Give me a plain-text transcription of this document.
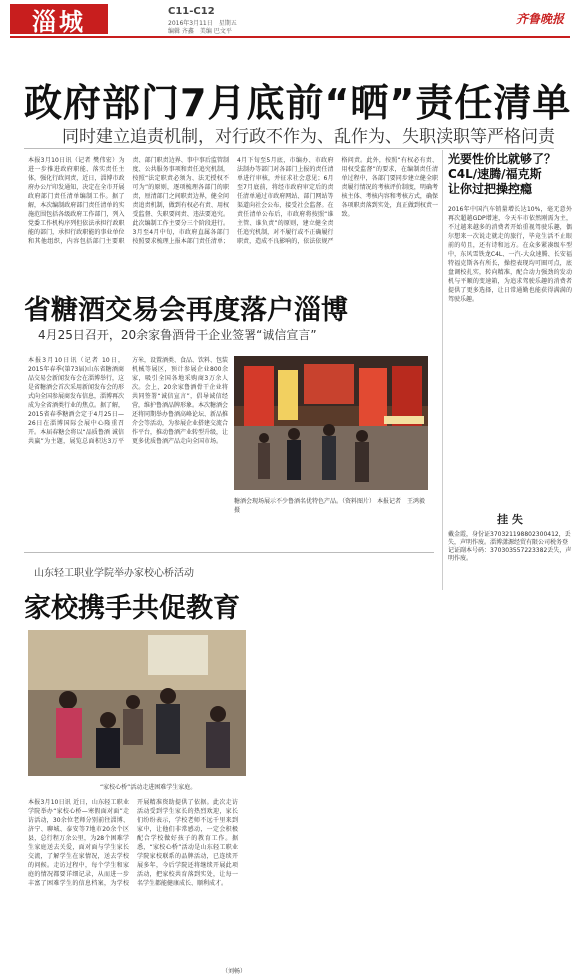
淄城	C11-C12
2016年3月11日　星期五
编辑 齐鑫　美编 巴文平
齐鲁晚报
政府部门7月底前“晒”责任清单
同时建立追责机制，对行政不作为、乱作为、失职渎职等严格问责
本报3月10日讯（记者 樊伟宏）为进一步推进政府职能、落实责任主体，强化行政问责，近日，淄博市政府办公厅印发通知，决定在全市开展政府部门责任清单编制工作。据了解，本次编制政府部门责任清单的实施范围包括各级政府工作部门，列入党委工作机构序列但依法承担行政职能的部门，承担行政职能的事业单位和其他组织，内容包括部门主要职责、部门职责边界、事中事后监管制度、公共服务事项和责任追究机制，按照“法定职责必须为、法无授权不可为”的原则，逐项梳理各部门的职责，厘清部门之间职责边界，健全问责追责机制，做到有权必有责、用权受监督、失职要问责、违法要追究。此次编制工作主要分三个阶段进行。3月至4月中旬，市政府直属各部门按照要求梳理上报本部门责任清单；4月下旬至5月底，市编办、市政府法制办等部门对各部门上报的责任清单进行审核，并征求社会意见；6月至7月底前，将经市政府审定后的责任清单通过市政府网站、部门网站等渠道向社会公布，接受社会监督。在责任清单公布后，市政府将按照“谁主管、谁负责”的原则，建立健全责任追究机制，对不履行或不正确履行职责，造成不良影响的，依法依规严格问责。此外，按照“有权必有责、用权受监督”的要求，在编制责任清单过程中，各部门要同步建立健全职责履行情况的考核评价制度，明确考核主体、考核内容和考核方式，确保各项职责落到实处，真正做到权责一致。
光要性价比就够了？
C4L/速腾/福克斯
让你过把操控瘾
2016年中国汽车销量增长达10%，毫无意外再次超越GDP增速，今天车市依然刚需为主，不过越来越多的消费者开始重视驾驶乐趣，偶尔想来一次说走就走的旅行，毕竟生活不止眼前的苟且，还有诗和远方。在众多紧凑级车型中，东风雪铁龙C4L、一汽-大众速腾、长安福特福克斯各有所长，操控表现均可圈可点，底盘调校扎实，转向精准，配合动力强劲的发动机与平顺的变速箱，为追求驾驶乐趣的消费者提供了更多选择，让日常通勤也能获得满满的驾驶乐趣。
挂 失
戴金霞，身份证370321198802300412，丢失，声明作废。淄博潇源经贸有限公司税务登记证副本号码：370303557223382丢失，声明作废。
省糖酒交易会再度落户淄博
4月25日召开，20余家鲁酒骨干企业签署“诚信宣言”
本报3月10日讯（记者 10日，2015年春季(第73届)山东省糖酒商品交易会新闻发布会在淄博举行，这是省糖酒会首次采用新闻发布会的形式向全国参展商发布信息，淄博再次成为全省酒类行业的焦点。据了解，2015省春季糖酒会定于4月25日—26日在淄博国际会展中心隆重召开。本届春糖会将以“品质鲁酒 诚信共赢”为主题，展览总面积达3万平方米，设置酒类、食品、饮料、包装机械等展区，预计参展企业800余家，吸引全国各地采购商3万余人次。会上，20余家鲁酒骨干企业将共同签署“诚信宣言”，倡导诚信经营，维护鲁酒品牌形象。本次糖酒会还将同期举办鲁酒高峰论坛、新品推介会等活动，为参展企业搭建交流合作平台，推动鲁酒产业转型升级，让更多优质鲁酒产品走向全国市场。
糖酒会现场展示不少鲁酒名优特色产品。（资料图片） 本报记者　王鸿毅　摄
山东轻工职业学院举办家校心桥活动
家校携手共促教育
“家校心桥”活动走进困难学生家庭。
本报3月10日讯 近日，山东轻工职业学院举办“家校心桥—寒假面对面”走访活动，30余位老师分别前往淄博、济宁、聊城、泰安等7地市20余个区县，总行程万余公里，为28个困难学生家庭送去关爱，面对面与学生家长交流，了解学生在家情况，送去学校的问候。走访过程中，每个学生和家庭的情况都要详细记录，从而进一步丰富了困难学生的信息档案，为学校开展精准资助提供了依据。此次走访活动受到学生家长的热烈欢迎，家长们纷纷表示，学校老师不远千里来到家中，让他们非常感动，一定会积极配合学校做好孩子的教育工作。据悉，“家校心桥”活动是山东轻工职业学院家校联系的品牌活动，已连续开展多年，今后学院还将继续开展此项活动，把家校共育落到实处，让每一名学生都能健康成长、顺利成才。
（刘畅）
